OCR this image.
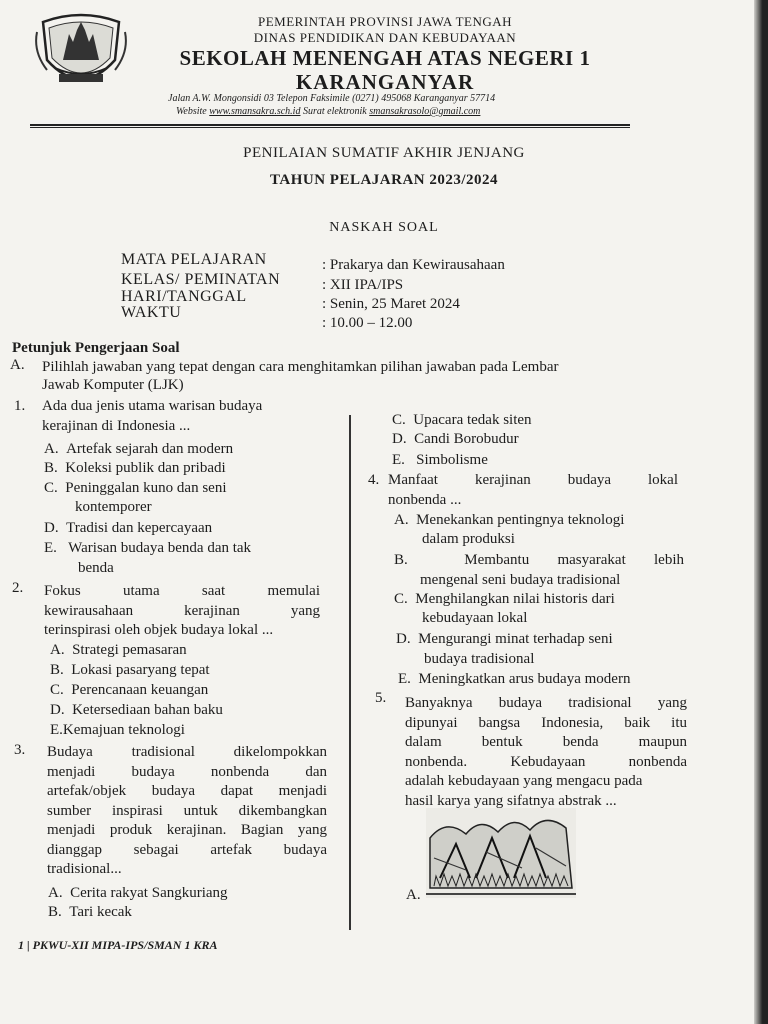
PEMERINTAH PROVINSI JAWA TENGAH
DINAS PENDIDIKAN DAN KEBUDAYAAN
SEKOLAH MENENGAH ATAS NEGERI 1
KARANGANYAR
Jalan A.W. Mongonsidi 03 Telepon Faksimile (0271) 495068 Karanganyar 57714
Website www.smansakra.sch.id Surat elektronik smansakrasolo@gmail.com
PENILAIAN SUMATIF AKHIR JENJANG
TAHUN PELAJARAN 2023/2024
NASKAH SOAL
MATA PELAJARAN
KELAS/ PEMINATAN
HARI/TANGGAL
WAKTU
: Prakarya dan Kewirausahaan
: XII IPA/IPS
: Senin, 25 Maret 2024
: 10.00 – 12.00
Petunjuk Pengerjaan Soal
A. Pilihlah jawaban yang tepat dengan cara menghitamkan pilihan jawaban pada Lembar
Jawab Komputer (LJK)
1. Ada dua jenis utama warisan budaya
kerajinan di Indonesia ...
A.  Artefak sejarah dan modern
B.  Koleksi publik dan pribadi
C.  Peninggalan kuno dan seni
kontemporer
D.  Tradisi dan kepercayaan
E.   Warisan budaya benda dan tak
benda
2. Fokus utama saat memulai
kewirausahaan kerajinan yang
terinspirasi oleh objek budaya lokal ...
A.  Strategi pemasaran
B.  Lokasi pasaryang tepat
C.  Perencanaan keuangan
D.  Ketersediaan bahan baku
E.Kemajuan teknologi
3. Budaya tradisional dikelompokkan
menjadi budaya nonbenda dan
artefak/objek budaya dapat menjadi
sumber inspirasi untuk dikembangkan
menjadi produk kerajinan. Bagian yang
dianggap sebagai artefak budaya
tradisional...
A.  Cerita rakyat Sangkuriang
B.  Tari kecak
C.  Upacara tedak siten
D.  Candi Borobudur
E.   Simbolisme
4. Manfaat kerajinan budaya lokal
nonbenda ...
A.  Menekankan pentingnya teknologi
dalam produksi
B.  Membantu masyarakat lebih
mengenal seni budaya tradisional
C.  Menghilangkan nilai historis dari
kebudayaan lokal
D.  Mengurangi minat terhadap seni
budaya tradisional
E.  Meningkatkan arus budaya modern
5. Banyaknya budaya tradisional yang
dipunyai bangsa Indonesia, baik itu
dalam bentuk benda maupun
nonbenda. Kebudayaan nonbenda
adalah kebudayaan yang mengacu pada
hasil karya yang sifatnya abstrak ...
A.
1 | PKWU-XII MIPA-IPS/SMAN 1 KRA
